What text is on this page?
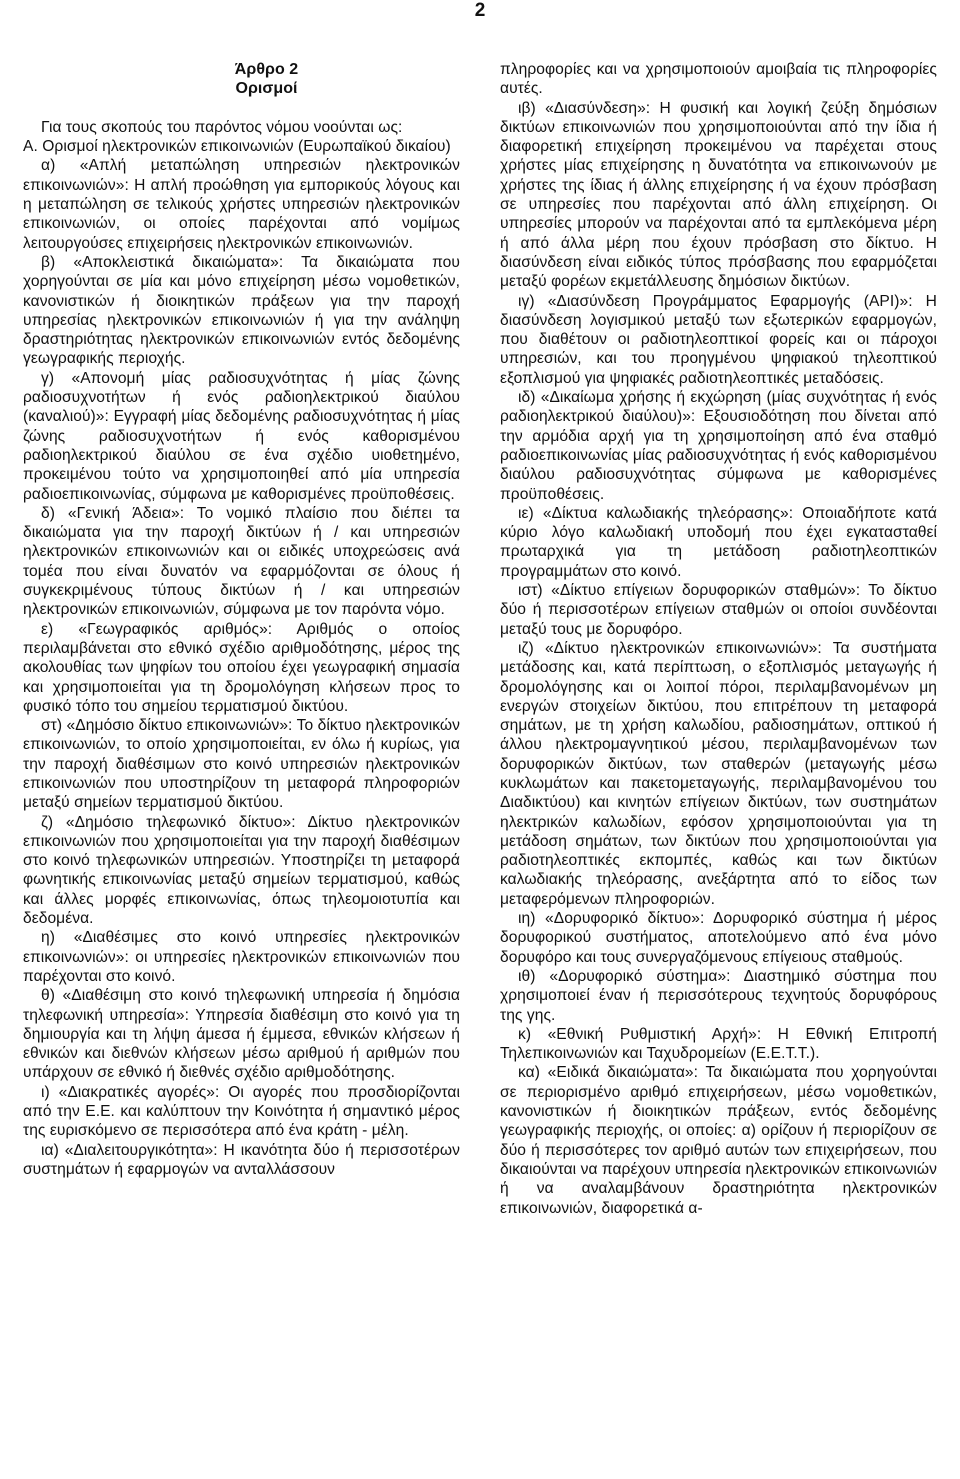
2

Άρθρο 2

Ορισμοί

Για τους σκοπούς του παρόντος νόμου νοούνται ως:

Α. Ορισμοί ηλεκτρονικών επικοινωνιών (Ευρωπαϊκού δικαίου)

α) «Απλή μεταπώληση υπηρεσιών ηλεκτρονικών επικοινωνιών»: Η απλή προώθηση για εμπορικούς λόγους και η μεταπώληση σε τελικούς χρήστες υπηρεσιών ηλεκτρονικών επικοινωνιών, οι οποίες παρέχονται από νομίμως λειτουργούσες επιχειρήσεις ηλεκτρονικών επικοινωνιών.

β) «Αποκλειστικά δικαιώματα»: Τα δικαιώματα που χορηγούνται σε μία και μόνο επιχείρηση μέσω νομοθετικών, κανονιστικών ή διοικητικών πράξεων για την παροχή υπηρεσίας ηλεκτρονικών επικοινωνιών ή για την ανάληψη δραστηριότητας ηλεκτρονικών επικοινωνιών εντός δεδομένης γεωγραφικής περιοχής.

γ) «Απονομή μίας ραδιοσυχνότητας ή μίας ζώνης ραδιοσυχνοτήτων ή ενός ραδιοηλεκτρικού διαύλου (καναλιού)»: Εγγραφή μίας δεδομένης ραδιοσυχνότητας ή μίας ζώνης ραδιοσυχνοτήτων ή ενός καθορισμένου ραδιοηλεκτρικού διαύλου σε ένα σχέδιο υιοθετημένο, προκειμένου τούτο να χρησιμοποιηθεί από μία υπηρεσία ραδιοεπικοινωνίας, σύμφωνα με καθορισμένες προϋποθέσεις.

δ) «Γενική Άδεια»: Το νομικό πλαίσιο που διέπει τα δικαιώματα για την παροχή δικτύων ή / και υπηρεσιών ηλεκτρονικών επικοινωνιών και οι ειδικές υποχρεώσεις ανά τομέα που είναι δυνατόν να εφαρμόζονται σε όλους ή συγκεκριμένους τύπους δικτύων ή / και υπηρεσιών ηλεκτρονικών επικοινωνιών, σύμφωνα με τον παρόντα νόμο.

ε) «Γεωγραφικός αριθμός»: Αριθμός ο οποίος περιλαμβάνεται στο εθνικό σχέδιο αριθμοδότησης, μέρος της ακολουθίας των ψηφίων του οποίου έχει γεωγραφική σημασία και χρησιμοποιείται για τη δρομολόγηση κλήσεων προς το φυσικό τόπο του σημείου τερματισμού δικτύου.

στ) «Δημόσιο δίκτυο επικοινωνιών»: Το δίκτυο ηλεκτρονικών επικοινωνιών, το οποίο χρησιμοποιείται, εν όλω ή κυρίως, για την παροχή διαθέσιμων στο κοινό υπηρεσιών ηλεκτρονικών επικοινωνιών που υποστηρίζουν τη μεταφορά πληροφοριών μεταξύ σημείων τερματισμού δικτύου.

ζ) «Δημόσιο τηλεφωνικό δίκτυο»: Δίκτυο ηλεκτρονικών επικοινωνιών που χρησιμοποιείται για την παροχή διαθέσιμων στο κοινό τηλεφωνικών υπηρεσιών. Υποστηρίζει τη μεταφορά φωνητικής επικοινωνίας μεταξύ σημείων τερματισμού, καθώς και άλλες μορφές επικοινωνίας, όπως τηλεομοιοτυπία και δεδομένα.

η) «Διαθέσιμες στο κοινό υπηρεσίες ηλεκτρονικών επικοινωνιών»: οι υπηρεσίες ηλεκτρονικών επικοινωνιών που παρέχονται στο κοινό.

θ) «Διαθέσιμη στο κοινό τηλεφωνική υπηρεσία ή δημόσια τηλεφωνική υπηρεσία»: Υπηρεσία διαθέσιμη στο κοινό για τη δημιουργία και τη λήψη άμεσα ή έμμεσα, εθνικών κλήσεων ή εθνικών και διεθνών κλήσεων μέσω αριθμού ή αριθμών που υπάρχουν σε εθνικό ή διεθνές σχέδιο αριθμοδότησης.

ι) «Διακρατικές αγορές»: Οι αγορές που προσδιορίζονται από την Ε.Ε. και καλύπτουν την Κοινότητα ή σημαντικό μέρος της ευρισκόμενο σε περισσότερα από ένα κράτη - μέλη.

ια) «Διαλειτουργικότητα»: Η ικανότητα δύο ή περισσοτέρων συστημάτων ή εφαρμογών να ανταλλάσσουν

πληροφορίες και να χρησιμοποιούν αμοιβαία τις πληροφορίες αυτές.

ιβ) «Διασύνδεση»: Η φυσική και λογική ζεύξη δημόσιων δικτύων επικοινωνιών που χρησιμοποιούνται από την ίδια ή διαφορετική επιχείρηση προκειμένου να παρέχεται στους χρήστες μίας επιχείρησης η δυνατότητα να επικοινωνούν με χρήστες της ίδιας ή άλλης επιχείρησης ή να έχουν πρόσβαση σε υπηρεσίες που παρέχονται από άλλη επιχείρηση. Οι υπηρεσίες μπορούν να παρέχονται από τα εμπλεκόμενα μέρη ή από άλλα μέρη που έχουν πρόσβαση στο δίκτυο. Η διασύνδεση είναι ειδικός τύπος πρόσβασης που εφαρμόζεται μεταξύ φορέων εκμετάλλευσης δημόσιων δικτύων.

ιγ) «Διασύνδεση Προγράμματος Εφαρμογής (API)»: Η διασύνδεση λογισμικού μεταξύ των εξωτερικών εφαρμογών, που διαθέτουν οι ραδιοτηλεοπτικοί φορείς και οι πάροχοι υπηρεσιών, και του προηγμένου ψηφιακού τηλεοπτικού εξοπλισμού για ψηφιακές ραδιοτηλεοπτικές μεταδόσεις.

ιδ) «Δικαίωμα χρήσης ή εκχώρηση (μίας συχνότητας ή ενός ραδιοηλεκτρικού διαύλου)»: Εξουσιοδότηση που δίνεται από την αρμόδια αρχή για τη χρησιμοποίηση από ένα σταθμό ραδιοεπικοινωνίας μίας ραδιοσυχνότητας ή ενός καθορισμένου διαύλου ραδιοσυχνότητας σύμφωνα με καθορισμένες προϋποθέσεις.

ιε) «Δίκτυα καλωδιακής τηλεόρασης»: Οποιαδήποτε κατά κύριο λόγο καλωδιακή υποδομή που έχει εγκατασταθεί πρωταρχικά για τη μετάδοση ραδιοτηλεοπτικών προγραμμάτων στο κοινό.

ιστ) «Δίκτυο επίγειων δορυφορικών σταθμών»: Το δίκτυο δύο ή περισσοτέρων επίγειων σταθμών οι οποίοι συνδέονται μεταξύ τους με δορυφόρο.

ιζ) «Δίκτυο ηλεκτρονικών επικοινωνιών»: Τα συστήματα μετάδοσης και, κατά περίπτωση, ο εξοπλισμός μεταγωγής ή δρομολόγησης και οι λοιποί πόροι, περιλαμβανομένων μη ενεργών στοιχείων δικτύου, που επιτρέπουν τη μεταφορά σημάτων, με τη χρήση καλωδίου, ραδιοσημάτων, οπτικού ή άλλου ηλεκτρομαγνητικού μέσου, περιλαμβανομένων των δορυφορικών δικτύων, των σταθερών (μεταγωγής μέσω κυκλωμάτων και πακετομεταγωγής, περιλαμβανομένου του Διαδικτύου) και κινητών επίγειων δικτύων, των συστημάτων ηλεκτρικών καλωδίων, εφόσον χρησιμοποιούνται για τη μετάδοση σημάτων, των δικτύων που χρησιμοποιούνται για ραδιοτηλεοπτικές εκπομπές, καθώς και των δικτύων καλωδιακής τηλεόρασης, ανεξάρτητα από το είδος των μεταφερόμενων πληροφοριών.

ιη) «Δορυφορικό δίκτυο»: Δορυφορικό σύστημα ή μέρος δορυφορικού συστήματος, αποτελούμενο από ένα μόνο δορυφόρο και τους συνεργαζόμενους επίγειους σταθμούς.

ιθ) «Δορυφορικό σύστημα»: Διαστημικό σύστημα που χρησιμοποιεί έναν ή περισσότερους τεχνητούς δορυφόρους της γης.

κ) «Εθνική Ρυθμιστική Αρχή»: Η Εθνική Επιτροπή Τηλεπικοινωνιών και Ταχυδρομείων (Ε.Ε.Τ.Τ.).

κα) «Ειδικά δικαιώματα»: Τα δικαιώματα που χορηγούνται σε περιορισμένο αριθμό επιχειρήσεων, μέσω νομοθετικών, κανονιστικών ή διοικητικών πράξεων, εντός δεδομένης γεωγραφικής περιοχής, οι οποίες: α) ορίζουν ή περιορίζουν σε δύο ή περισσότερες τον αριθμό αυτών των επιχειρήσεων, που δικαιούνται να παρέχουν υπηρεσία ηλεκτρονικών επικοινωνιών ή να αναλαμβάνουν δραστηριότητα ηλεκτρονικών επικοινωνιών, διαφορετικά α-
